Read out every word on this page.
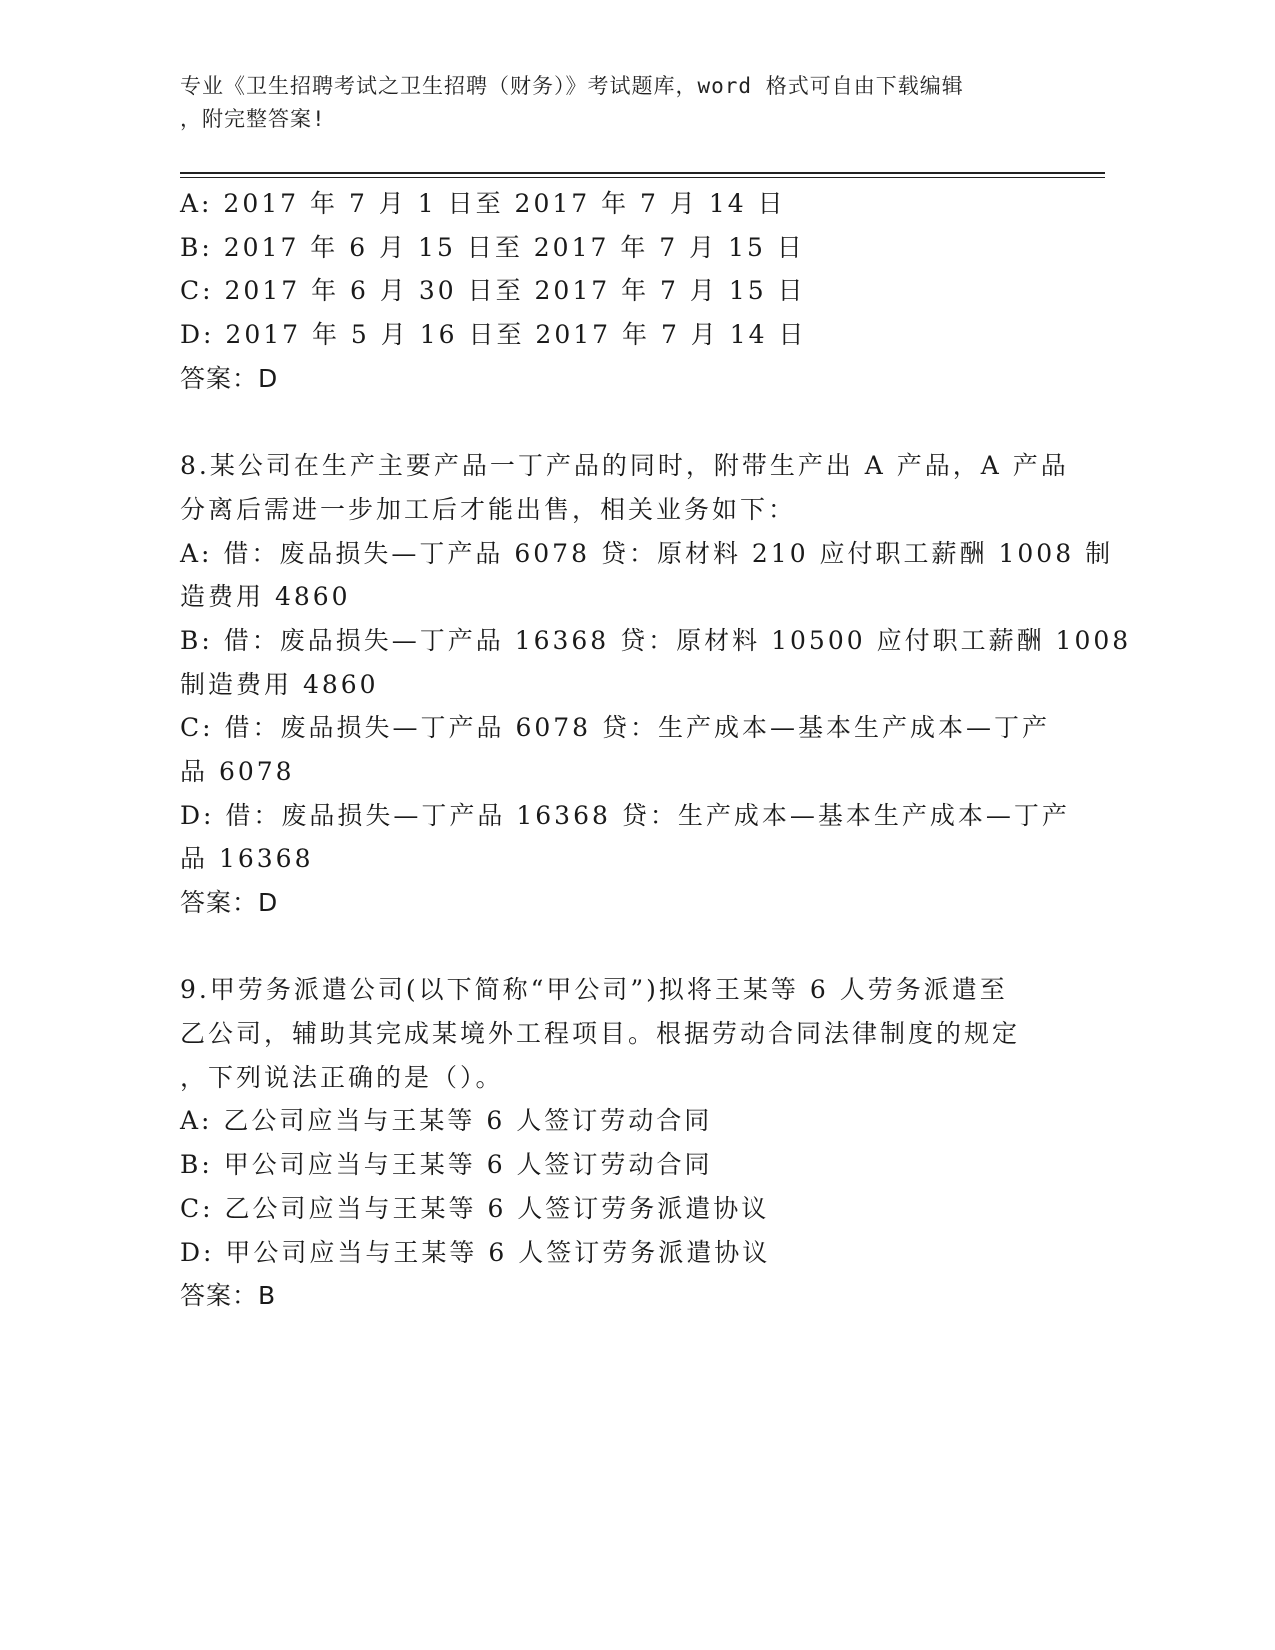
专业《卫生招聘考试之卫生招聘（财务）》考试题库，word 格式可自由下载编辑
，附完整答案!
A: 2017 年 7 月 1 日至 2017 年 7 月 14 日
B: 2017 年 6 月 15 日至 2017 年 7 月 15 日
C: 2017 年 6 月 30 日至 2017 年 7 月 15 日
D: 2017 年 5 月 16 日至 2017 年 7 月 14 日
答案：D
8.某公司在生产主要产品一丁产品的同时，附带生产出 A 产品，A 产品
分离后需进一步加工后才能出售，相关业务如下：
A: 借：废品损失—丁产品 6078 贷：原材料 210 应付职工薪酬 1008 制
造费用 4860
B: 借：废品损失—丁产品 16368 贷：原材料 10500 应付职工薪酬 1008
制造费用 4860
C: 借：废品损失—丁产品 6078 贷：生产成本—基本生产成本—丁产
品 6078
D: 借：废品损失—丁产品 16368 贷：生产成本—基本生产成本—丁产
品 16368
答案：D
9.甲劳务派遣公司(以下简称“甲公司”)拟将王某等 6 人劳务派遣至
乙公司，辅助其完成某境外工程项目。根据劳动合同法律制度的规定
，下列说法正确的是（）。
A: 乙公司应当与王某等 6 人签订劳动合同
B: 甲公司应当与王某等 6 人签订劳动合同
C: 乙公司应当与王某等 6 人签订劳务派遣协议
D: 甲公司应当与王某等 6 人签订劳务派遣协议
答案：B
